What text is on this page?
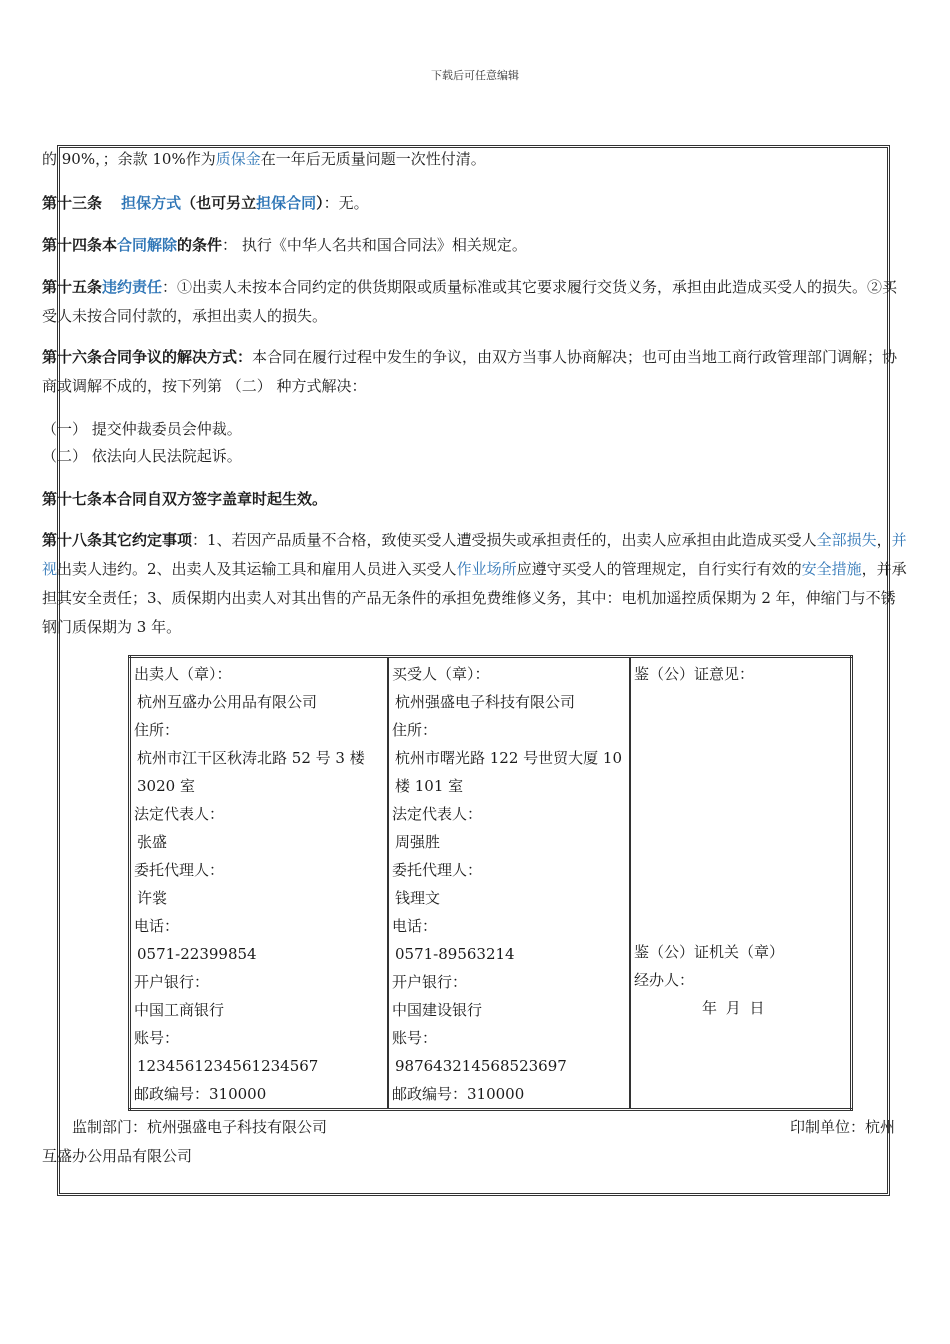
下载后可任意编辑

的 90%，；余款 10%作为质保金在一年后无质量问题一次性付清。

第十三条 担保方式（也可另立担保合同）：无。

第十四条本合同解除的条件： 执行《中华人名共和国合同法》相关规定。

第十五条违约责任：①出卖人未按本合同约定的供货期限或质量标准或其它要求履行交货义务，承担由此造成买受人的损失。②买受人未按合同付款的，承担出卖人的损失。

第十六条合同争议的解决方式：本合同在履行过程中发生的争议，由双方当事人协商解决；也可由当地工商行政管理部门调解；协商或调解不成的，按下列第 （二） 种方式解决：

（一） 提交仲裁委员会仲裁。

（二） 依法向人民法院起诉。

第十七条本合同自双方签字盖章时起生效。

第十八条其它约定事项：1、若因产品质量不合格，致使买受人遭受损失或承担责任的，出卖人应承担由此造成买受人全部损失，并视出卖人违约。2、出卖人及其运输工具和雇用人员进入买受人作业场所应遵守买受人的管理规定，自行实行有效的安全措施，并承担其安全责任；3、质保期内出卖人对其出售的产品无条件的承担免费维修义务，其中：电机加遥控质保期为 2 年，伸缩门与不锈钢门质保期为 3 年。

出卖人（章）：
杭州互盛办公用品有限公司
住所：
杭州市江干区秋涛北路 52 号 3 楼 3020 室
法定代表人：
张盛
委托代理人：
许裳
电话：
0571-22399854
开户银行：
中国工商银行
账号：
1234561234561234567
邮政编号：310000

买受人（章）：
杭州强盛电子科技有限公司
住所：
杭州市曙光路 122 号世贸大厦 10 楼 101 室
法定代表人：
周强胜
委托代理人：
钱理文
电话：
0571-89563214
开户银行：
中国建设银行
账号：
987643214568523697
邮政编号：310000

鉴（公）证意见：
鉴（公）证机关（章）
经办人：
年 月 日
监制部门：杭州强盛电子科技有限公司	印制单位：杭州
互盛办公用品有限公司
